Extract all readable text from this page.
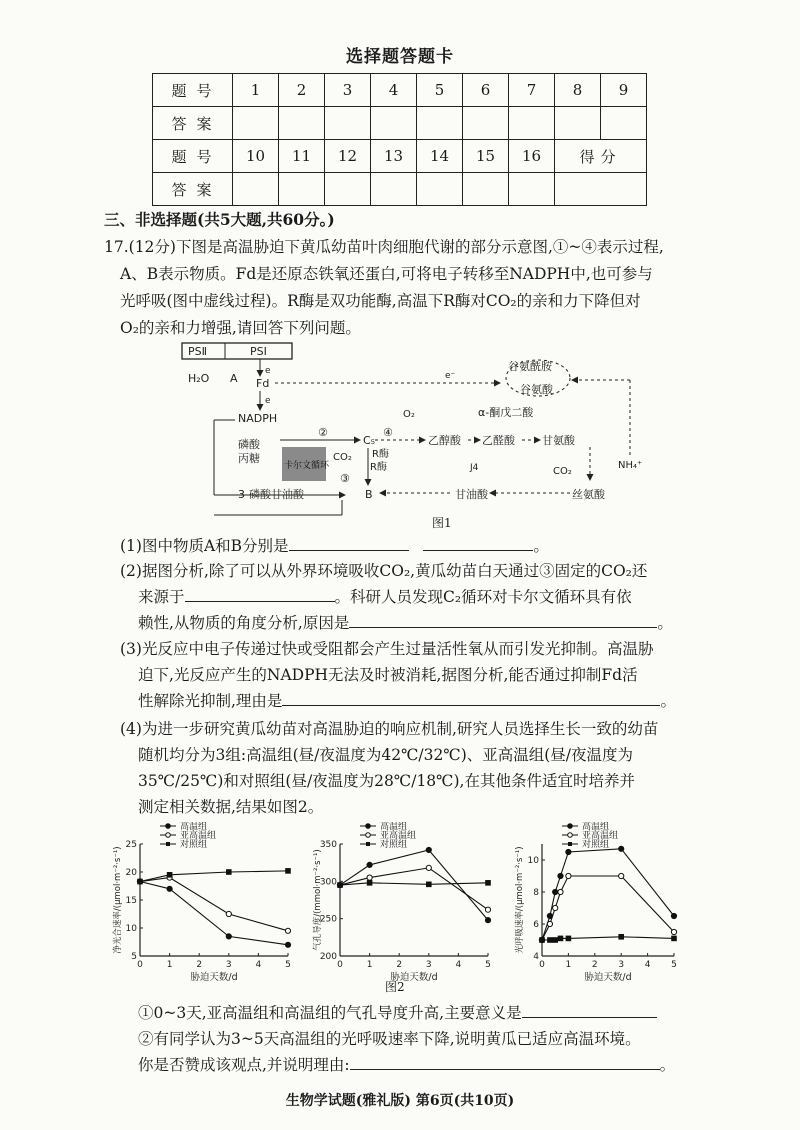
选择题答题卡
题号	1	2	3	4	5	6	7	8	9
答案									
题号	10	11	12	13	14	15	16	得分	
答案									
三、非选择题(共5大题,共60分。)
17.(12分)下图是高温胁迫下黄瓜幼苗叶肉细胞代谢的部分示意图,①~④表示过程,
A、B表示物质。Fd是还原态铁氧还蛋白,可将电子转移至NADPH中,也可参与
光呼吸(图中虚线过程)。R酶是双功能酶,高温下R酶对CO₂的亲和力下降但对
O₂的亲和力增强,请回答下列问题。
PSⅡ	PSⅠ
H₂O A
e
Fd
e
NADPH
e⁻
谷氨酰胺
谷氨酸
α-酮戊二酸
磷酸
丙糖
卡尔文循环
②
C₅
R酶
R酶
CO₂
③
B
④
O₂
乙醇酸 乙醛酸 甘氨酸
J4	CO₂
NH₄⁺
丝氨酸
甘油酸
3-磷酸甘油酸
图1
(1)图中物质A和B分别是	。
(2)据图分析,除了可以从外界环境吸收CO₂,黄瓜幼苗白天通过③固定的CO₂还
来源于	。科研人员发现C₂循环对卡尔文循环具有依
赖性,从物质的角度分析,原因是	。
(3)光反应中电子传递过快或受阻都会产生过量活性氧从而引发光抑制。高温胁
迫下,光反应产生的NADPH无法及时被消耗,据图分析,能否通过抑制Fd活
性解除光抑制,理由是	。
(4)为进一步研究黄瓜幼苗对高温胁迫的响应机制,研究人员选择生长一致的幼苗
随机均分为3组:高温组(昼/夜温度为42℃/32℃)、亚高温组(昼/夜温度为
35℃/25℃)和对照组(昼/夜温度为28℃/18℃),在其他条件适宜时培养并
测定相关数据,结果如图2。
0	1	2	3	4	5
5
10
15
20
25
胁迫天数/d
净光合速率/(μmol·m⁻²·s⁻¹)
高温组
亚高温组
对照组
0	1	2	3	4	5
200
250
300
350
胁迫天数/d
气孔导度/(mmol·m⁻²·s⁻¹)
高温组
亚高温组
对照组
0 1 2 3 4 5
4
6
8
10
胁迫天数/d
光呼吸速率/(μmol·m⁻²·s⁻¹)
高温组
亚高温组
对照组
图2
①0~3天,亚高温组和高温组的气孔导度升高,主要意义是
②有同学认为3~5天高温组的光呼吸速率下降,说明黄瓜已适应高温环境。
你是否赞成该观点,并说明理由:	。
生物学试题(雅礼版) 第6页(共10页)
